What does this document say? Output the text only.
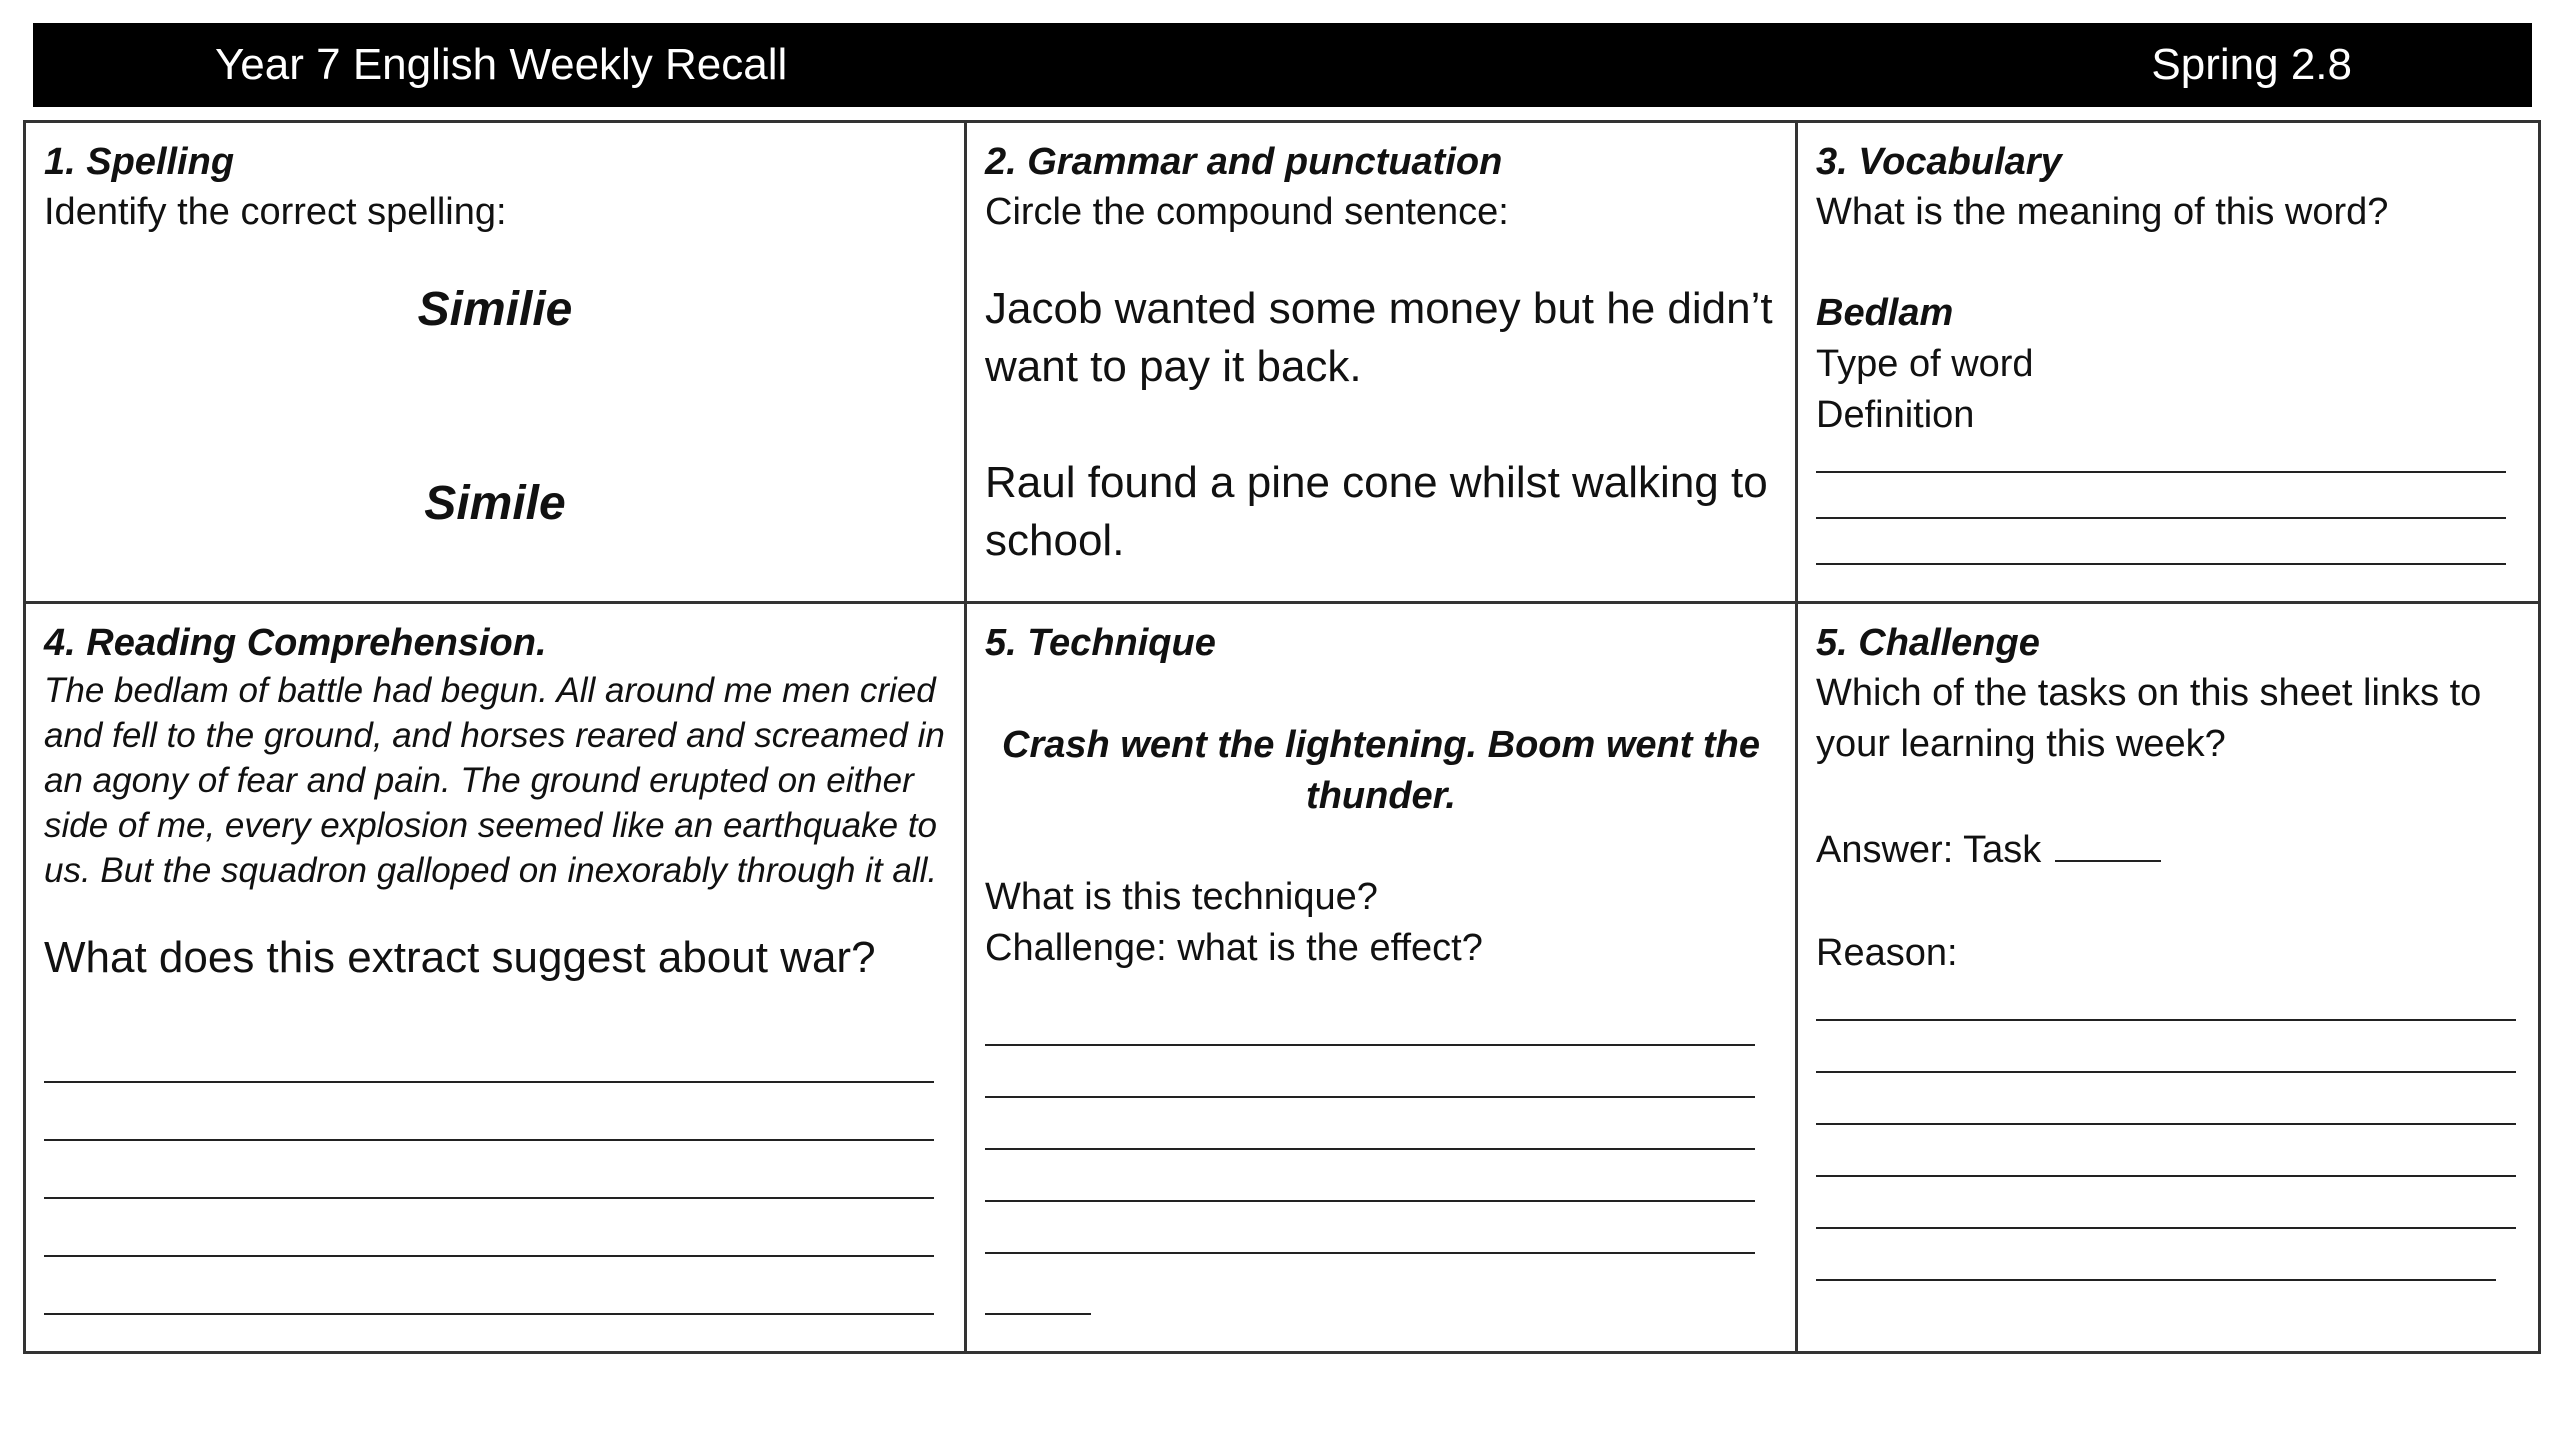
Year 7 English Weekly Recall	Spring 2.8
1. Spelling
Identify the correct spelling:
Similie
Simile
2. Grammar and punctuation
Circle the compound sentence:
Jacob wanted some money but he didn’t want to pay it back.
Raul found a pine cone whilst walking to school.
3. Vocabulary
What is the meaning of this word?
Bedlam
Type of word
Definition
4. Reading Comprehension.
The bedlam of battle had begun. All around me men cried and fell to the ground, and horses reared and screamed in an agony of fear and pain. The ground erupted on either side of me, every explosion seemed like an earthquake to us. But the squadron galloped on inexorably through it all.
What does this extract suggest about war?
5. Technique
Crash went the lightening. Boom went the thunder.
What is this technique?
Challenge: what is the effect?
5. Challenge
Which of the tasks on this sheet links to your learning this week?
Answer: Task
Reason:
